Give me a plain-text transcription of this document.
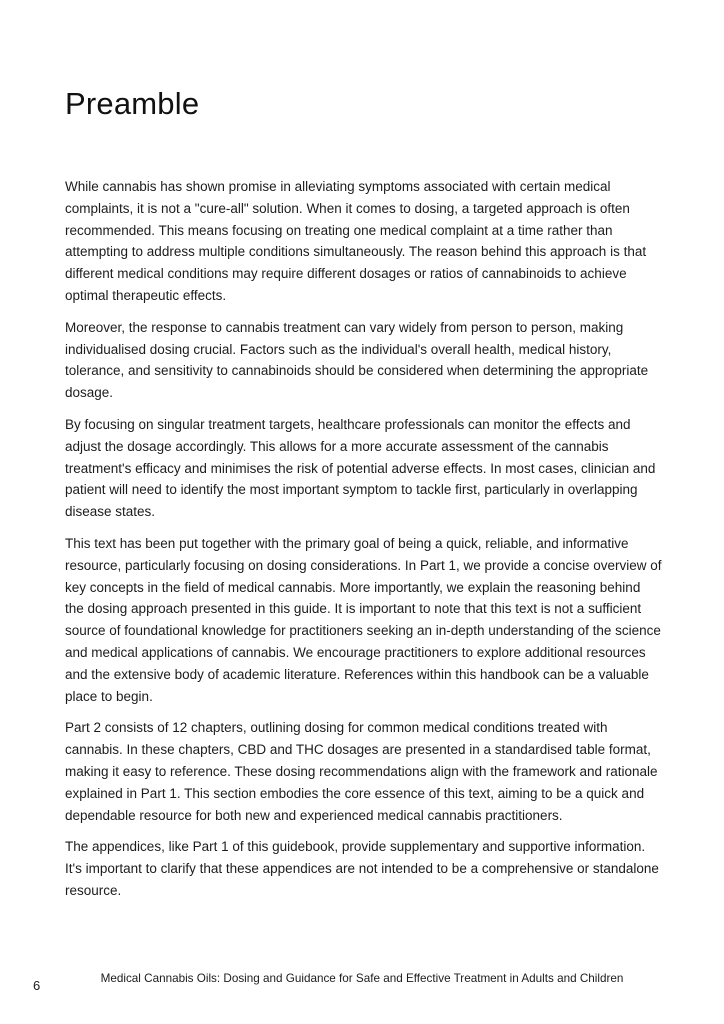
Preamble

While cannabis has shown promise in alleviating symptoms associated with certain medical complaints, it is not a "cure-all" solution. When it comes to dosing, a targeted approach is often recommended. This means focusing on treating one medical complaint at a time rather than attempting to address multiple conditions simultaneously. The reason behind this approach is that different medical conditions may require different dosages or ratios of cannabinoids to achieve optimal therapeutic effects.

Moreover, the response to cannabis treatment can vary widely from person to person, making individualised dosing crucial. Factors such as the individual's overall health, medical history, tolerance, and sensitivity to cannabinoids should be considered when determining the appropriate dosage.

By focusing on singular treatment targets, healthcare professionals can monitor the effects and adjust the dosage accordingly. This allows for a more accurate assessment of the cannabis treatment's efficacy and minimises the risk of potential adverse effects. In most cases, clinician and patient will need to identify the most important symptom to tackle first, particularly in overlapping disease states.

This text has been put together with the primary goal of being a quick, reliable, and informative resource, particularly focusing on dosing considerations. In Part 1, we provide a concise overview of key concepts in the field of medical cannabis. More importantly, we explain the reasoning behind the dosing approach presented in this guide. It is important to note that this text is not a sufficient source of foundational knowledge for practitioners seeking an in-depth understanding of the science and medical applications of cannabis. We encourage practitioners to explore additional resources and the extensive body of academic literature. References within this handbook can be a valuable place to begin.

Part 2 consists of 12 chapters, outlining dosing for common medical conditions treated with cannabis. In these chapters, CBD and THC dosages are presented in a standardised table format, making it easy to reference. These dosing recommendations align with the framework and rationale explained in Part 1. This section embodies the core essence of this text, aiming to be a quick and dependable resource for both new and experienced medical cannabis practitioners.

The appendices, like Part 1 of this guidebook, provide supplementary and supportive information. It's important to clarify that these appendices are not intended to be a comprehensive or standalone resource.

6	Medical Cannabis Oils: Dosing and Guidance for Safe and Effective Treatment in Adults and Children
